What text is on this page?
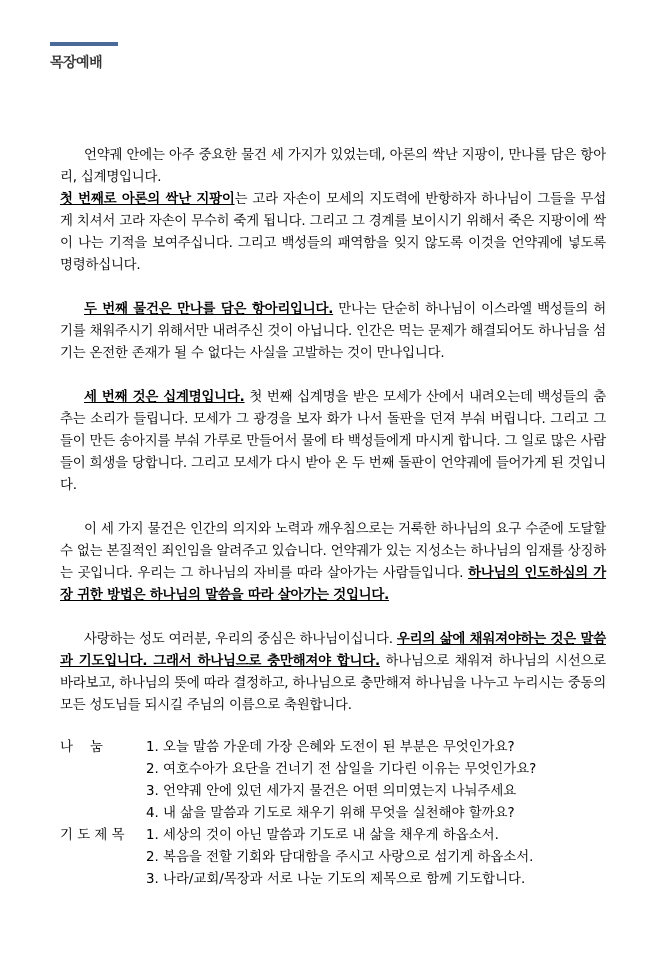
목장예배

언약궤 안에는 아주 중요한 물건 세 가지가 있었는데, 아론의 싹난 지팡이, 만나를 담은 항아리, 십계명입니다.
첫 번째로 아론의 싹난 지팡이는 고라 자손이 모세의 지도력에 반항하자 하나님이 그들을 무섭게 치셔서 고라 자손이 무수히 죽게 됩니다. 그리고 그 경계를 보이시기 위해서 죽은 지팡이에 싹이 나는 기적을 보여주십니다. 그리고 백성들의 패역함을 잊지 않도록 이것을 언약궤에 넣도록 명령하십니다.

두 번째 물건은 만나를 담은 항아리입니다. 만나는 단순히 하나님이 이스라엘 백성들의 허기를 채워주시기 위해서만 내려주신 것이 아닙니다. 인간은 먹는 문제가 해결되어도 하나님을 섬기는 온전한 존재가 될 수 없다는 사실을 고발하는 것이 만나입니다.

세 번째 것은 십계명입니다. 첫 번째 십계명을 받은 모세가 산에서 내려오는데 백성들의 춤추는 소리가 들립니다. 모세가 그 광경을 보자 화가 나서 돌판을 던져 부숴 버립니다. 그리고 그들이 만든 송아지를 부숴 가루로 만들어서 물에 타 백성들에게 마시게 합니다. 그 일로 많은 사람들이 희생을 당합니다. 그리고 모세가 다시 받아 온 두 번째 돌판이 언약궤에 들어가게 된 것입니다.

이 세 가지 물건은 인간의 의지와 노력과 깨우침으로는 거룩한 하나님의 요구 수준에 도달할 수 없는 본질적인 죄인임을 알려주고 있습니다. 언약궤가 있는 지성소는 하나님의 임재를 상징하는 곳입니다. 우리는 그 하나님의 자비를 따라 살아가는 사람들입니다. 하나님의 인도하심의 가장 귀한 방법은 하나님의 말씀을 따라 살아가는 것입니다.

사랑하는 성도 여러분, 우리의 중심은 하나님이십니다. 우리의 삶에 채워져야하는 것은 말씀과 기도입니다. 그래서 하나님으로 충만해져야 합니다. 하나님으로 채워져 하나님의 시선으로 바라보고, 하나님의 뜻에 따라 결정하고, 하나님으로 충만해져 하나님을 나누고 누리시는 중동의 모든 성도님들 되시길 주님의 이름으로 축원합니다.

나    눔	1. 오늘 말씀 가운데 가장 은혜와 도전이 된 부분은 무엇인가요?
2. 여호수아가 요단을 건너기 전 삼일을 기다린 이유는 무엇인가요?
3. 언약궤 안에 있던 세가지 물건은 어떤 의미였는지 나눠주세요
4. 내 삶을 말씀과 기도로 채우기 위해 무엇을 실천해야 할까요?
기 도 제 목	1. 세상의 것이 아닌 말씀과 기도로 내 삶을 채우게 하옵소서.
2. 복음을 전할 기회와 담대함을 주시고 사랑으로 섬기게 하옵소서.
3. 나라/교회/목장과 서로 나눈 기도의 제목으로 함께 기도합니다.
